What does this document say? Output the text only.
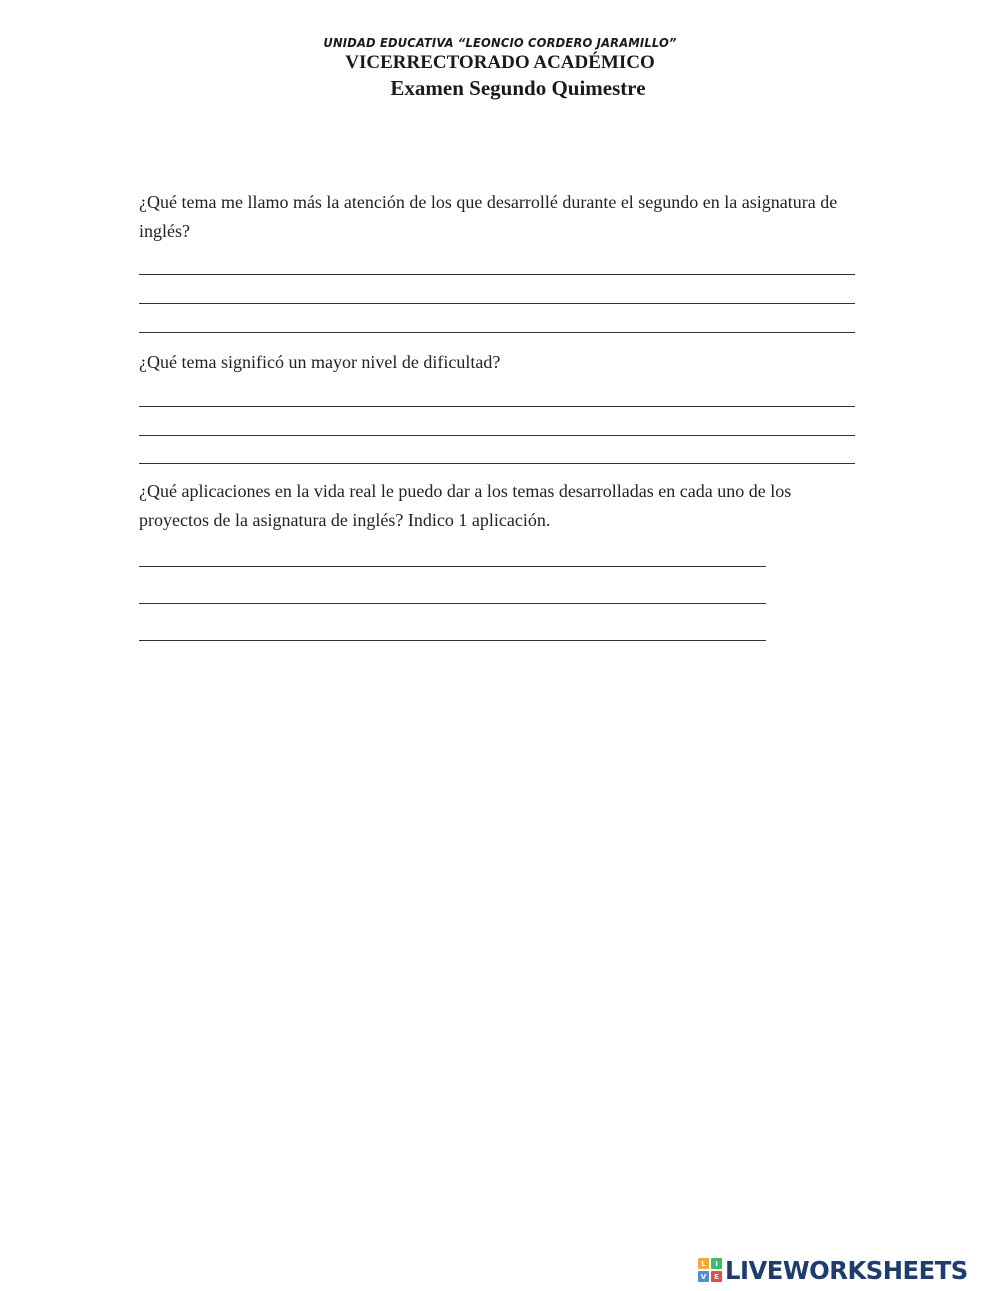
UNIDAD EDUCATIVA “LEONCIO CORDERO JARAMILLO”
VICERRECTORADO ACADÉMICO
Examen Segundo Quimestre
¿Qué tema me llamo más la atención de los que desarrollé durante el segundo en la asignatura de inglés?
¿Qué tema significó un mayor nivel de dificultad?
¿Qué aplicaciones en la vida real le puedo dar a los temas desarrolladas en cada uno de los proyectos de la asignatura de inglés? Indico 1 aplicación.
L	I
V	E LIVEWORKSHEETS
